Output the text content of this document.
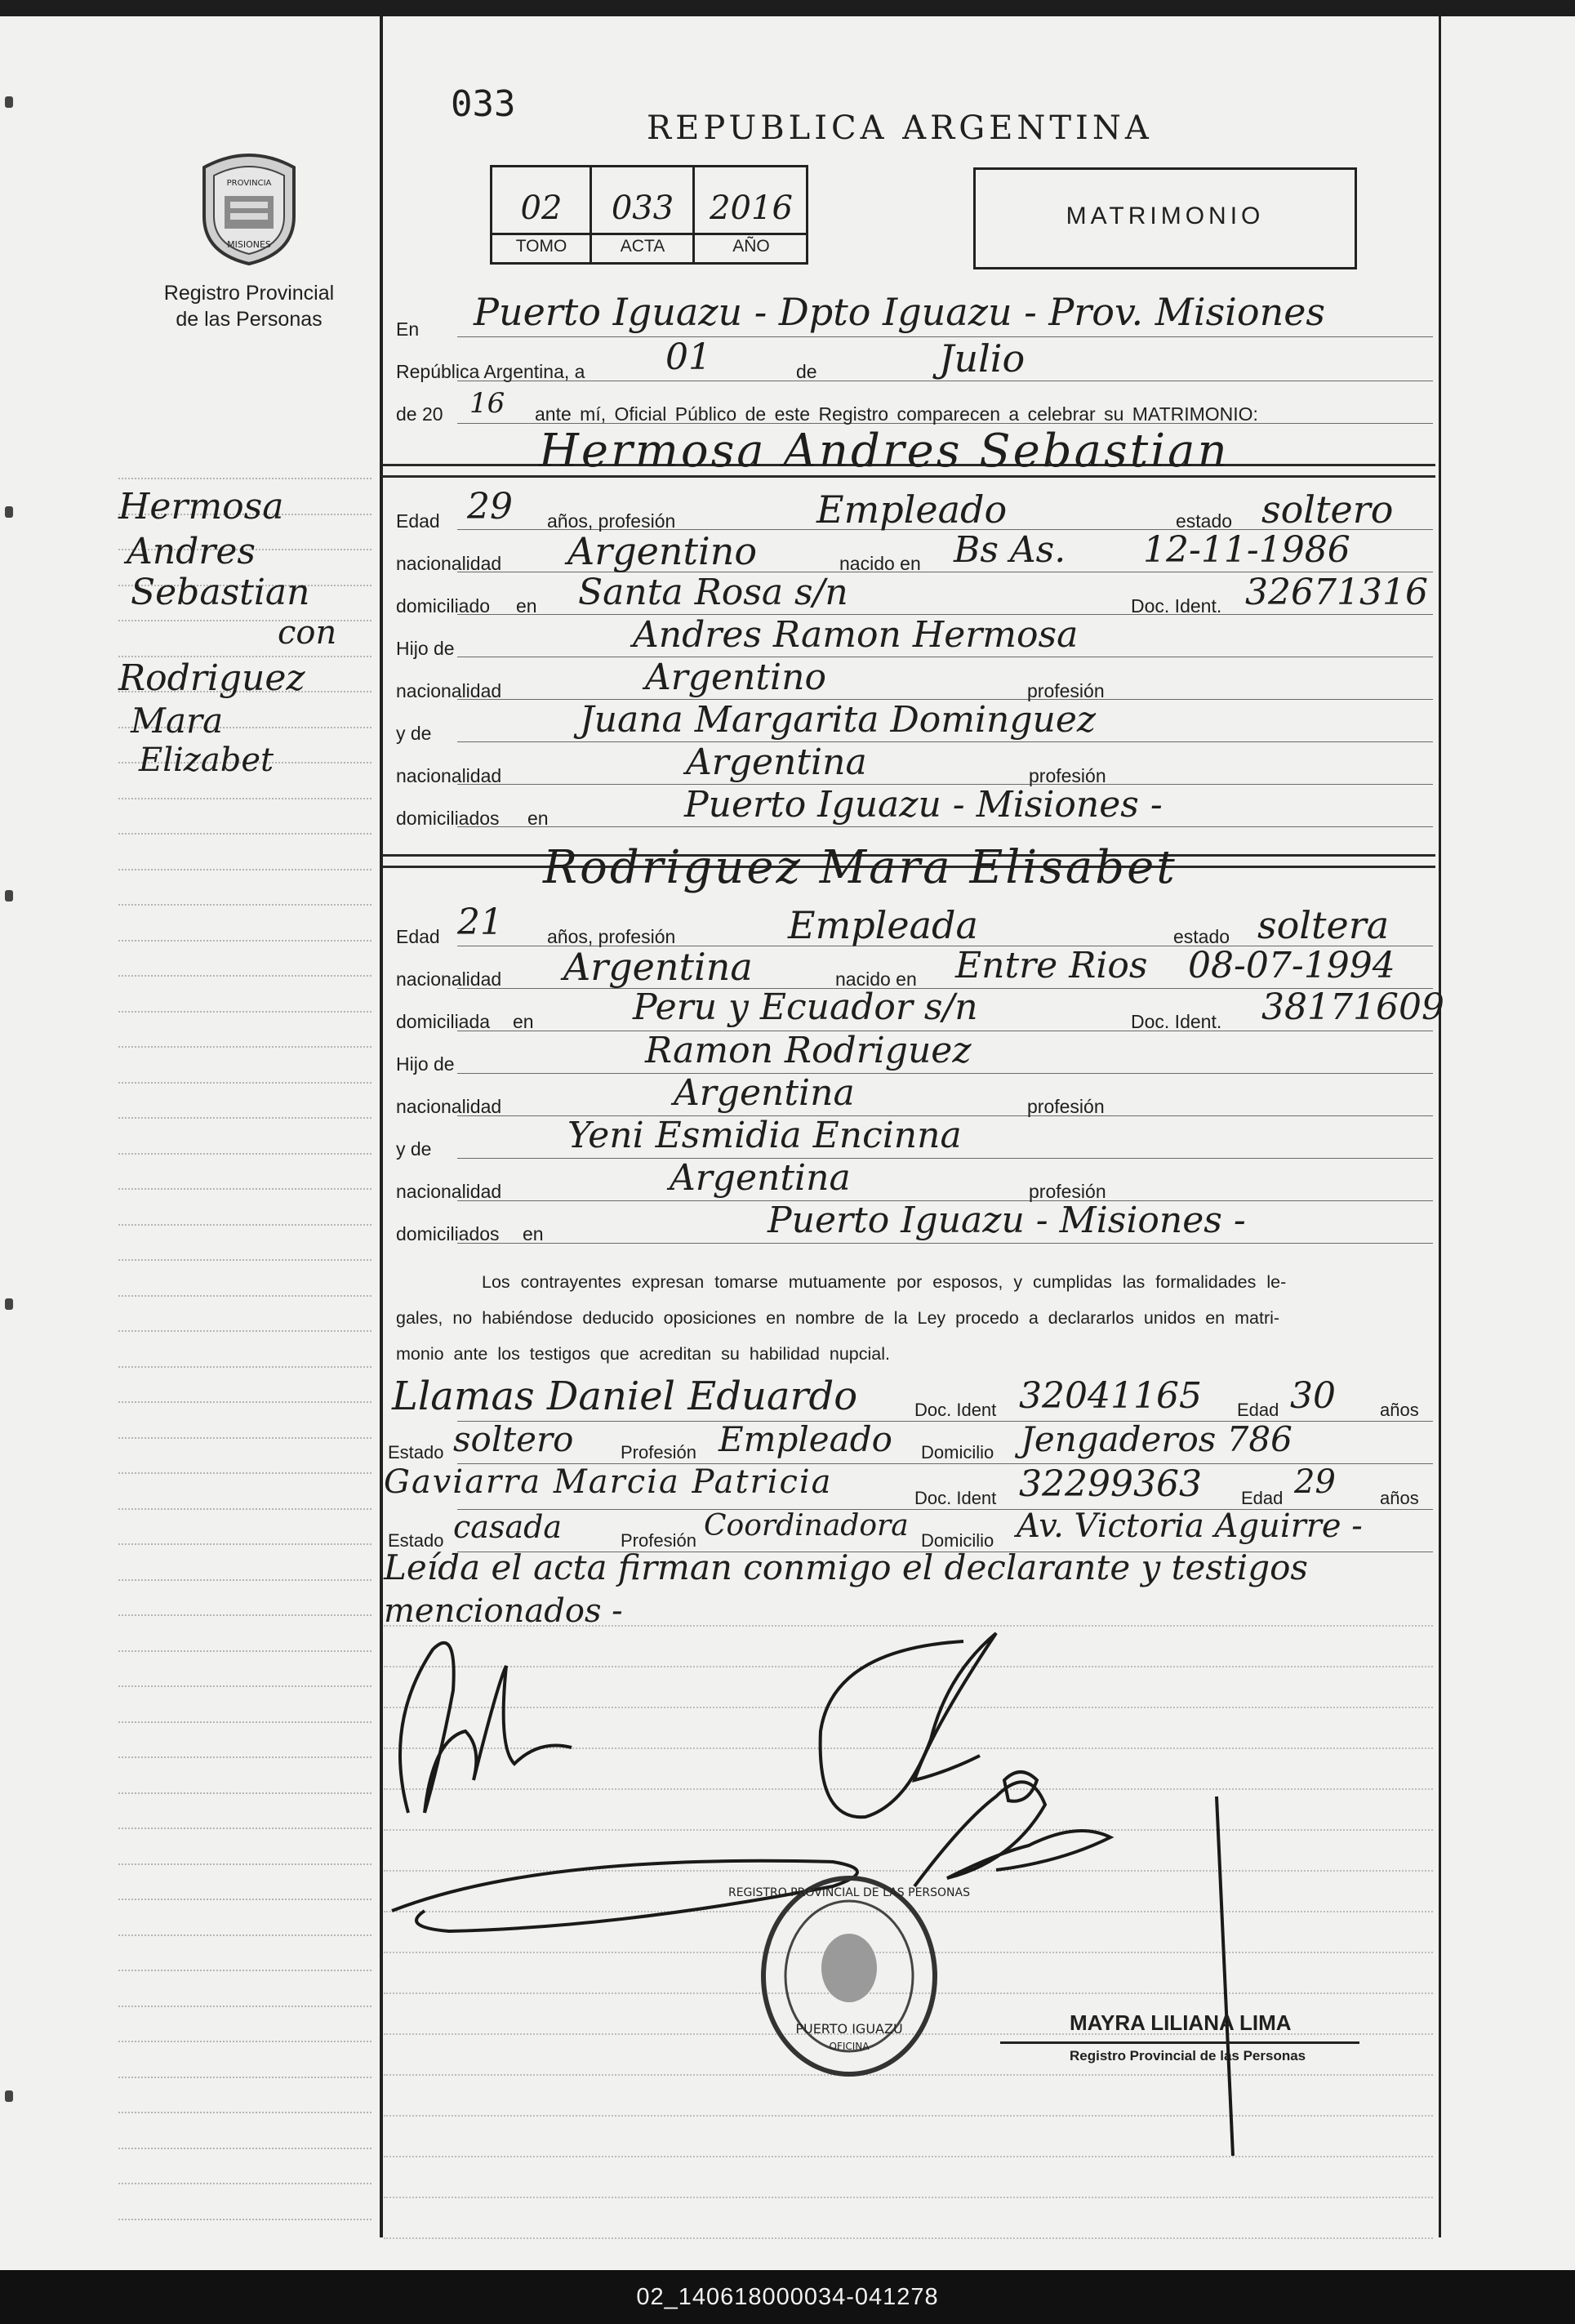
PROVINCIA
MISIONES
Registro Provincial
de las Personas
Hermosa
Andres
Sebastian
con
Rodriguez
Mara
Elizabet
033
REPUBLICA ARGENTINA
02	033	2016
TOMO	ACTA	AÑO
MATRIMONIO
En Puerto Iguazu - Dpto Iguazu - Prov. Misiones
República Argentina, a 01	de	Julio
de 20 16 ante mí, Oficial Público de este Registro comparecen a celebrar su MATRIMONIO:
Hermosa Andres Sebastian
Edad 29 años, profesión	Empleado	estado soltero
nacionalidad Argentino	nacido en Bs As. 12-11-1986
domiciliado en Santa Rosa s/n	Doc. Ident. 32671316
Hijo de	Andres Ramon Hermosa
nacionalidad	Argentino	profesión
y de	Juana Margarita Dominguez
nacionalidad	Argentina	profesión
domiciliados en	Puerto Iguazu - Misiones -
Rodriguez Mara Elisabet
Edad 21 años, profesión	Empleada	estado soltera
nacionalidad Argentina	nacido en Entre Rios 08-07-1994
domiciliada en	Peru y Ecuador s/n	Doc. Ident. 38171609
Hijo de	Ramon Rodriguez
nacionalidad	Argentina	profesión
y de	Yeni Esmidia Encinna
nacionalidad	Argentina	profesión
domiciliados en	Puerto Iguazu - Misiones -
Los contrayentes expresan tomarse mutuamente por esposos, y cumplidas las formalidades le-
gales, no habiéndose deducido oposiciones en nombre de la Ley procedo a declararlos unidos en matri-
monio ante los testigos que acreditan su habilidad nupcial.
Llamas Daniel Eduardo	Doc. Ident 32041165 Edad 30 años
Estado soltero	Profesión Empleado Domicilio Jengaderos 786
Gaviarra Marcia Patricia	Doc. Ident 32299363 Edad 29 años
Estado casada	Profesión Coordinadora Domicilio Av. Victoria Aguirre -
Leída el acta firman conmigo el declarante y testigos
mencionados -
REGISTRO PROVINCIAL DE LAS PERSONAS
PUERTO IGUAZU
OFICINA
MAYRA LILIANA LIMA
Registro Provincial de las Personas
02_140618000034-041278
